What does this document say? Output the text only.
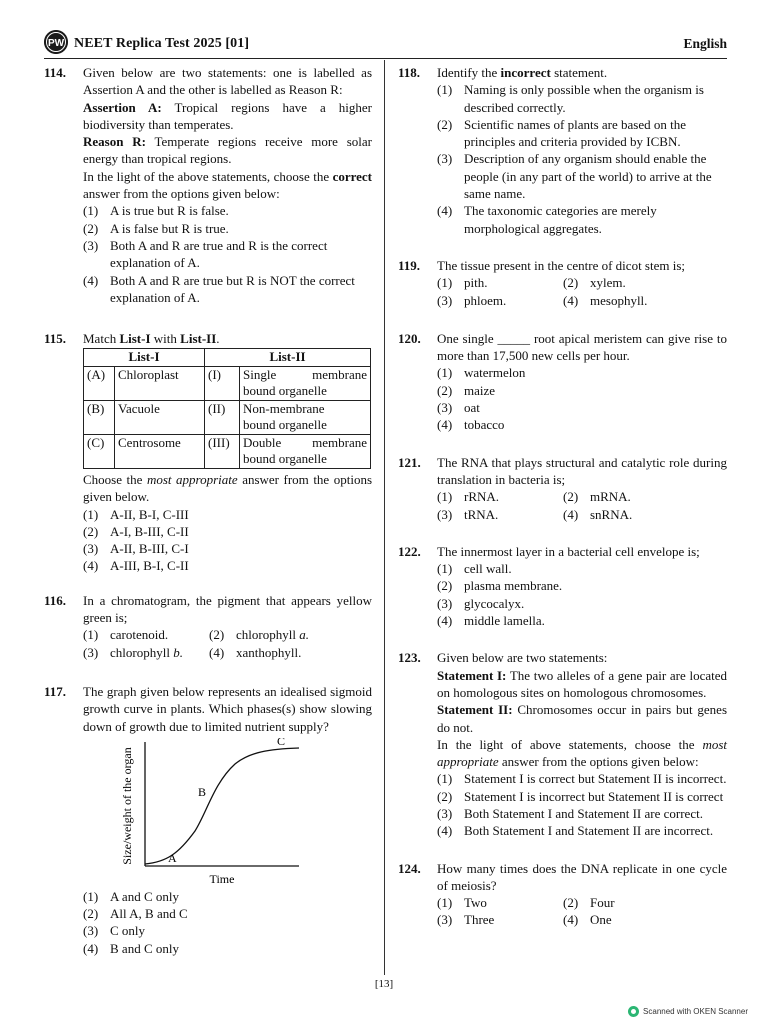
PW NEET Replica Test 2025 [01]	English
114. Given below are two statements: one is labelled as Assertion A and the other is labelled as Reason R:

Assertion A: Tropical regions have a higher biodiversity than temperates.

Reason R: Temperate regions receive more solar energy than tropical regions.

In the light of the above statements, choose the correct answer from the options given below:

(1) A is true but R is false.
(2) A is false but R is true.
(3) Both A and R are true and R is the correct explanation of A.
(4) Both A and R are true but R is NOT the correct explanation of A.
115. Match List-I with List-II.

List-I		List-II	
(A)	Chloroplast	(I)	Single membrane
bound organelle

(B)	Vacuole	(II)	Non-membrane
bound organelle

(C)	Centrosome	(III)	Double membrane
bound organelle

Choose the most appropriate answer from the options given below.

(1) A-II, B-I, C-III
(2) A-I, B-III, C-II
(3) A-II, B-III, C-I
(4) A-III, B-I, C-II
116. In a chromatogram, the pigment that appears yellow green is;

(1) carotenoid.	(2) chlorophyll a.
(3) chlorophyll b.	(4) xanthophyll.
117. The graph given below represents an idealised sigmoid growth curve in plants. Which phases(s) show slowing down of growth due to limited nutrient supply?

Size/weight of the organ	A
B
C
Time
(1) A and C only
(2) All A, B and C
(3) C only
(4) B and C only
118. Identify the incorrect statement.

(1) Naming is only possible when the organism is described correctly.
(2) Scientific names of plants are based on the principles and criteria provided by ICBN.
(3) Description of any organism should enable the people (in any part of the world) to arrive at the same name.
(4) The taxonomic categories are merely morphological aggregates.
119. The tissue present in the centre of dicot stem is;

(1) pith.	(2) xylem.
(3) phloem.	(4) mesophyll.
120. One single _____ root apical meristem can give rise to more than 17,500 new cells per hour.

(1) watermelon
(2) maize
(3) oat
(4) tobacco
121. The RNA that plays structural and catalytic role during translation in bacteria is;

(1) rRNA.	(2) mRNA.
(3) tRNA.	(4) snRNA.
122. The innermost layer in a bacterial cell envelope is;

(1) cell wall.
(2) plasma membrane.
(3) glycocalyx.
(4) middle lamella.
123. Given below are two statements:

Statement I: The two alleles of a gene pair are located on homologous sites on homologous chromosomes.

Statement II: Chromosomes occur in pairs but genes do not.

In the light of above statements, choose the most appropriate answer from the options given below:

(1) Statement I is correct but Statement II is incorrect.
(2) Statement I is incorrect but Statement II is correct
(3) Both Statement I and Statement II are correct.
(4) Both Statement I and Statement II are incorrect.
124. How many times does the DNA replicate in one cycle of meiosis?

(1) Two	(2) Four
(3) Three	(4) One
[13]
Scanned with OKEN Scanner
